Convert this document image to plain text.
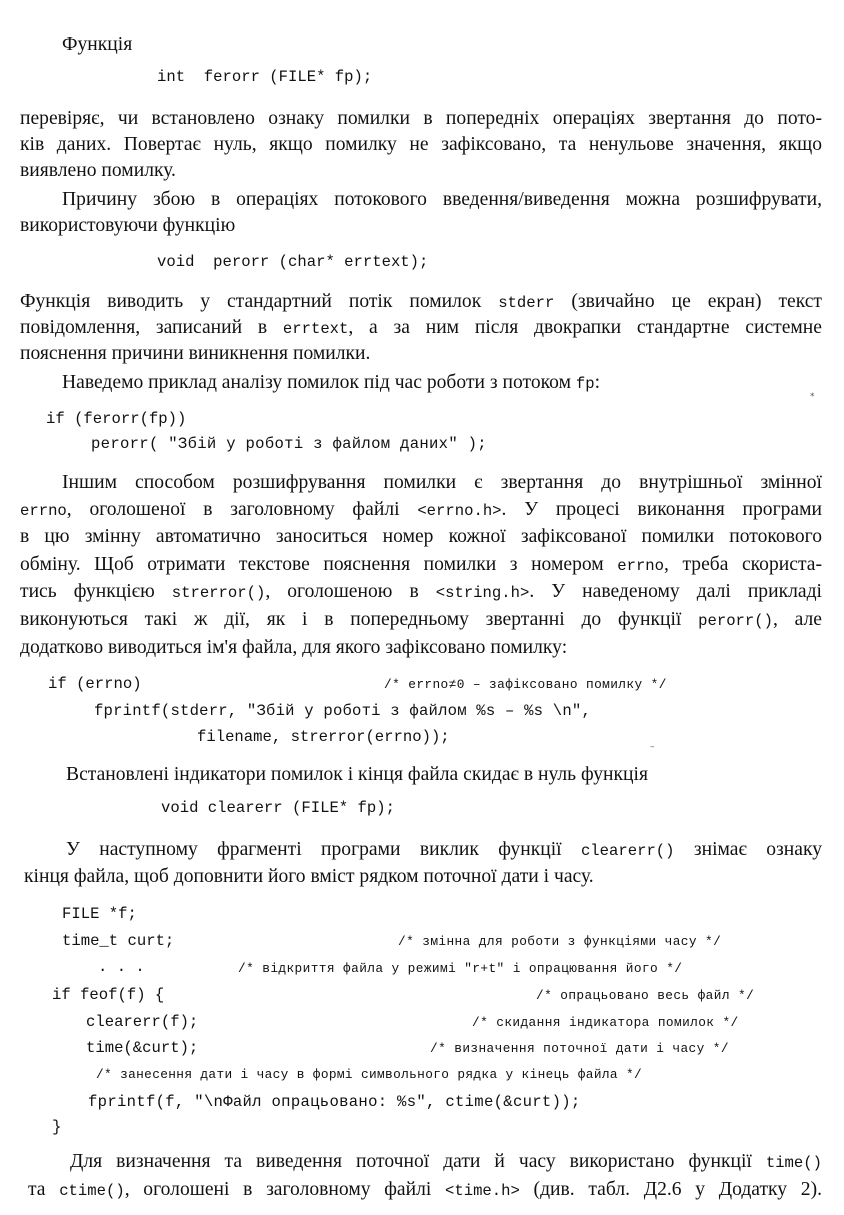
Функція
int  ferorr (FILE* fp);
перевіряє, чи встановлено ознаку помилки в попередніх операціях звертання до пото-
ків даних. Повертає нуль, якщо помилку не зафіксовано, та ненульове значення, якщо
виявлено помилку.
Причину збою в операціях потокового введення/виведення можна розшифрувати,
використовуючи функцію
void  perorr (char* errtext);
Функція виводить у стандартний потік помилок stderr (звичайно це екран) текст
повідомлення, записаний в errtext, а за ним після двокрапки стандартне системне
пояснення причини виникнення помилки.
Наведемо приклад аналізу помилок під час роботи з потоком fp:
*
if (ferorr(fp))
perorr( "Збій у роботі з файлом даних" );
Іншим способом розшифрування помилки є звертання до внутрішньої змінної
errno, оголошеної в заголовному файлі <errno.h>. У процесі виконання програми
в цю змінну автоматично заноситься номер кожної зафіксованої помилки потокового
обміну. Щоб отримати текстове пояснення помилки з номером errno, треба скориста-
тись функцією strerror(), оголошеною в <string.h>. У наведеному далі прикладі
виконуються такі ж дії, як і в попередньому звертанні до функції perorr(), але
додатково виводиться ім'я файла, для якого зафіксовано помилку:
if (errno)	/* errno≠0 – зафіксовано помилку */
fprintf(stderr, "Збій у роботі з файлом %s – %s \n",
filename, strerror(errno));
–
Встановлені індикатори помилок і кінця файла скидає в нуль функція
void clearerr (FILE* fp);
У наступному фрагменті програми виклик функції clearerr() знімає ознаку
кінця файла, щоб доповнити його вміст рядком поточної дати і часу.
FILE *f;
time_t curt;	/* змінна для роботи з функціями часу */
. . .	/* відкриття файла у режимі "r+t" і опрацювання його */
if feof(f) {	/* опрацьовано весь файл */
clearerr(f);	/* скидання індикатора помилок */
time(&curt);	/* визначення поточної дати і часу */
/* занесення дати і часу в формі символьного рядка у кінець файла */
fprintf(f, "\nФайл опрацьовано: %s", ctime(&curt));
}
Для визначення та виведення поточної дати й часу використано функції time()
та ctime(), оголошені в заголовному файлі <time.h> (див. табл. Д2.6 у Додатку 2).
